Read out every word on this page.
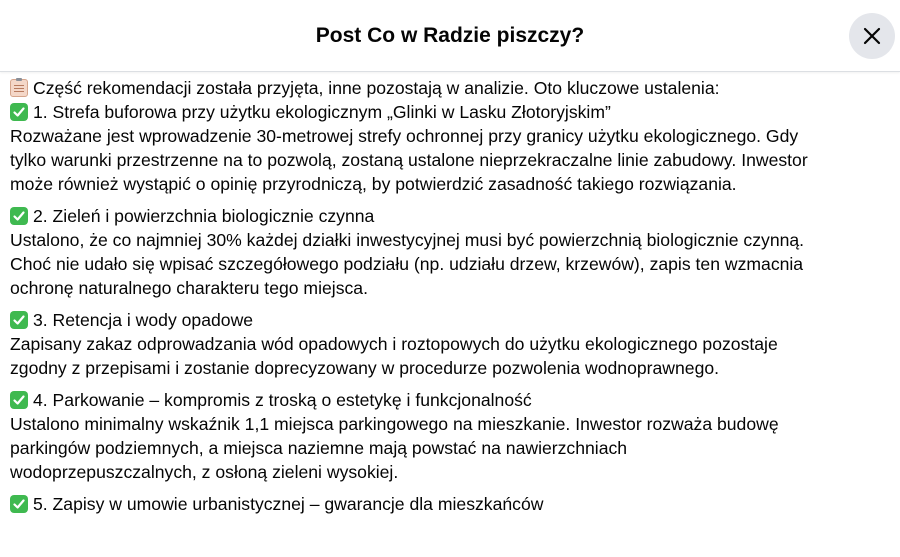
Post Co w Radzie piszczy?
Część rekomendacji została przyjęta, inne pozostają w analizie. Oto kluczowe ustalenia:
1. Strefa buforowa przy użytku ekologicznym „Glinki w Lasku Złotoryjskim”
Rozważane jest wprowadzenie 30-metrowej strefy ochronnej przy granicy użytku ekologicznego. Gdy
tylko warunki przestrzenne na to pozwolą, zostaną ustalone nieprzekraczalne linie zabudowy. Inwestor
może również wystąpić o opinię przyrodniczą, by potwierdzić zasadność takiego rozwiązania.
2. Zieleń i powierzchnia biologicznie czynna
Ustalono, że co najmniej 30% każdej działki inwestycyjnej musi być powierzchnią biologicznie czynną.
Choć nie udało się wpisać szczegółowego podziału (np. udziału drzew, krzewów), zapis ten wzmacnia
ochronę naturalnego charakteru tego miejsca.
3. Retencja i wody opadowe
Zapisany zakaz odprowadzania wód opadowych i roztopowych do użytku ekologicznego pozostaje
zgodny z przepisami i zostanie doprecyzowany w procedurze pozwolenia wodnoprawnego.
4. Parkowanie – kompromis z troską o estetykę i funkcjonalność
Ustalono minimalny wskaźnik 1,1 miejsca parkingowego na mieszkanie. Inwestor rozważa budowę
parkingów podziemnych, a miejsca naziemne mają powstać na nawierzchniach
wodoprzepuszczalnych, z osłoną zieleni wysokiej.
5. Zapisy w umowie urbanistycznej – gwarancje dla mieszkańców
